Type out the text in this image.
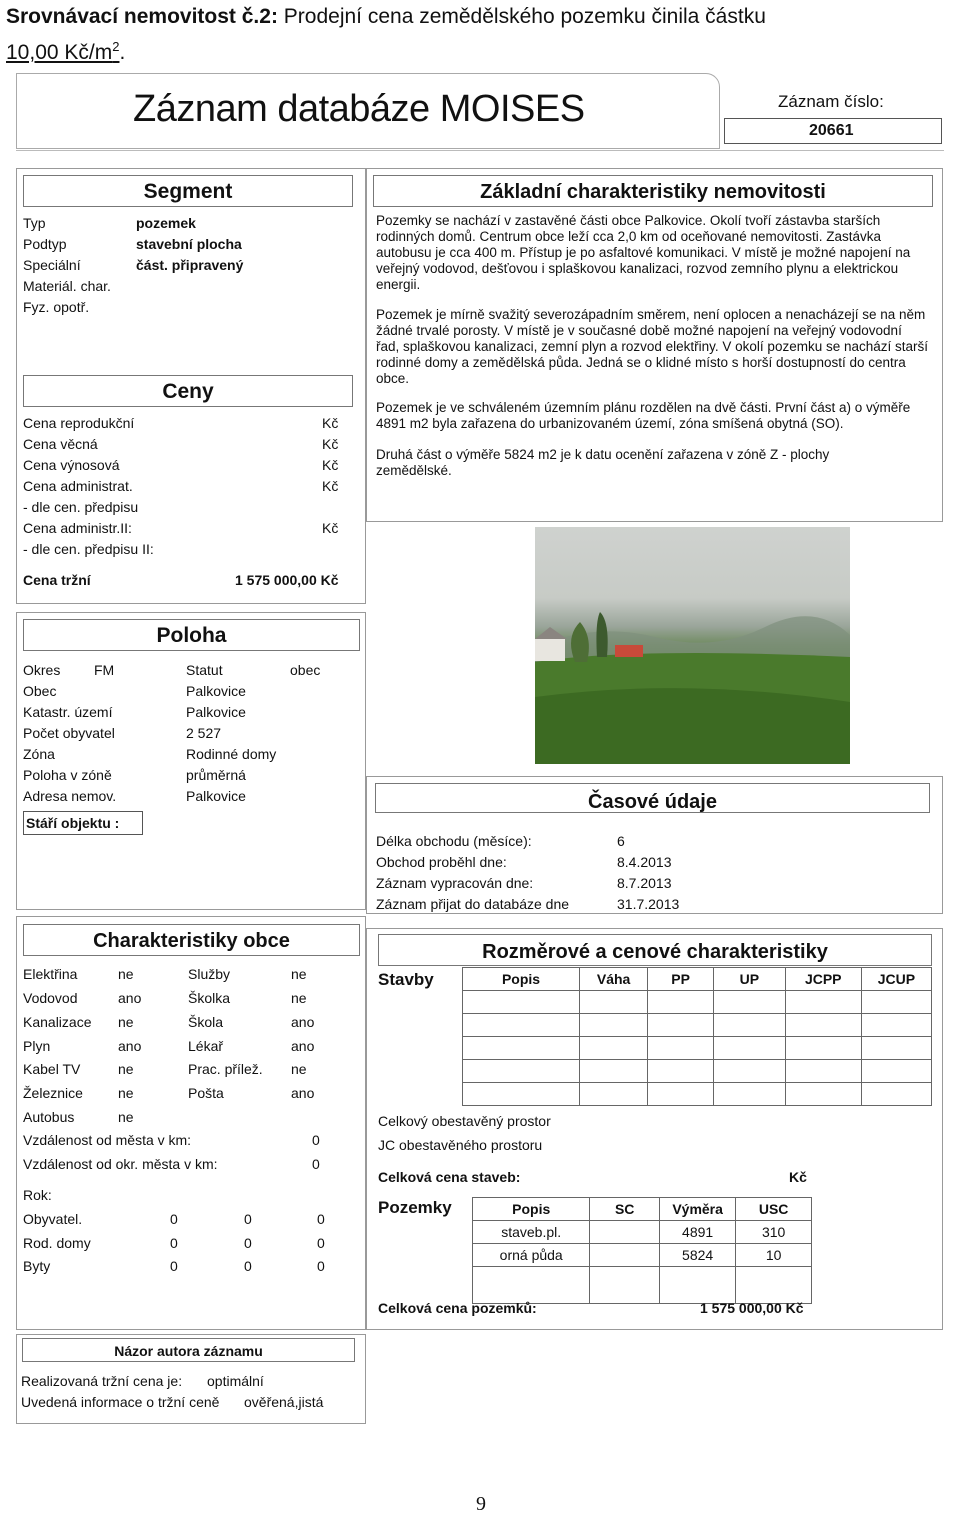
Srovnávací nemovitost č.2: Prodejní cena zemědělského pozemku činila částku
10,00 $Kč/m^2$.
Záznam databáze MOISES	Záznam číslo:
20661
Segment
Typ	pozemek
Podtyp	stavební plocha
Speciální	část. připravený
Materiál. char.
Fyz. opotř.
Ceny
Cena reprodukční	Kč
Cena věcná	Kč
Cena výnosová	Kč
Cena administrat.	Kč
- dle cen. předpisu
Cena administr.II:	Kč
- dle cen. předpisu II:
Cena tržní	1 575 000,00 Kč
Základní charakteristiky nemovitosti
Pozemky se nachází v zastavěné části obce Palkovice. Okolí tvoří zástavba starších rodinných domů. Centrum obce leží cca 2,0 km od oceňované nemovitosti. Zastávka autobusu je cca 400 m. Přístup je po asfaltové komunikaci. V místě je možné napojení na veřejný vodovod, dešťovou i splaškovou kanalizaci, rozvod zemního plynu a elektrickou energii.
Pozemek je mírně svažitý severozápadním směrem, není oplocen a nenacházejí se na něm žádné trvalé porosty. V místě je v současné době možné napojení na veřejný vodovodní řad, splaškovou kanalizaci, zemní plyn a rozvod elektřiny. V okolí pozemku se nachází starší rodinné domy a zemědělská půda. Jedná se o klidné místo s horší dostupností do centra obce.
Pozemek je ve schváleném územním plánu rozdělen na dvě části. První část a) o výměře 4891 m2 byla zařazena do urbanizovaném území, zóna smíšená obytná (SO).
Druhá část o výměře 5824 m2 je k datu ocenění zařazena v zóně Z - plochy zemědělské.
Poloha
Okres FM	Statut	obec
Obec	Palkovice
Katastr. území	Palkovice
Počet obyvatel	2 527
Zóna	Rodinné domy
Poloha v zóně	průměrná
Adresa nemov.	Palkovice
Stáří objektu :
Časové údaje
Délka obchodu (měsíce):	6
Obchod proběhl dne:	8.4.2013
Záznam vypracován dne:	8.7.2013
Záznam přijat do databáze dne	31.7.2013
Charakteristiky obce
Elektřina	ne	Služby	ne
Vodovod	ano	Školka	ne
Kanalizace ne	Škola	ano
Plyn	ano	Lékař	ano
Kabel TV	ne	Prac. přílež. ne
Železnice	ne	Pošta	ano
Autobus	ne
Vzdálenost od města v km:	0
Vzdálenost od okr. města v km:	0
Rok:
Obyvatel.	0	0	0
Rod. domy	0	0	0
Byty	0	0	0
Rozměrové a cenové charakteristiky
Stavby	Popis	Váha	PP	UP	JCPP	JCUP

Celkový obestavěný prostor
JC obestavěného prostoru
Celková cena staveb:	Kč
Pozemky	Popis	SC	Výměra	USC
staveb.pl.		4891	310
orná půda		5824	10

Celková cena pozemků:	1 575 000,00 Kč
Názor autora záznamu
Realizovaná tržní cena je: optimální
Uvedená informace o tržní ceně ověřená,jistá
9
